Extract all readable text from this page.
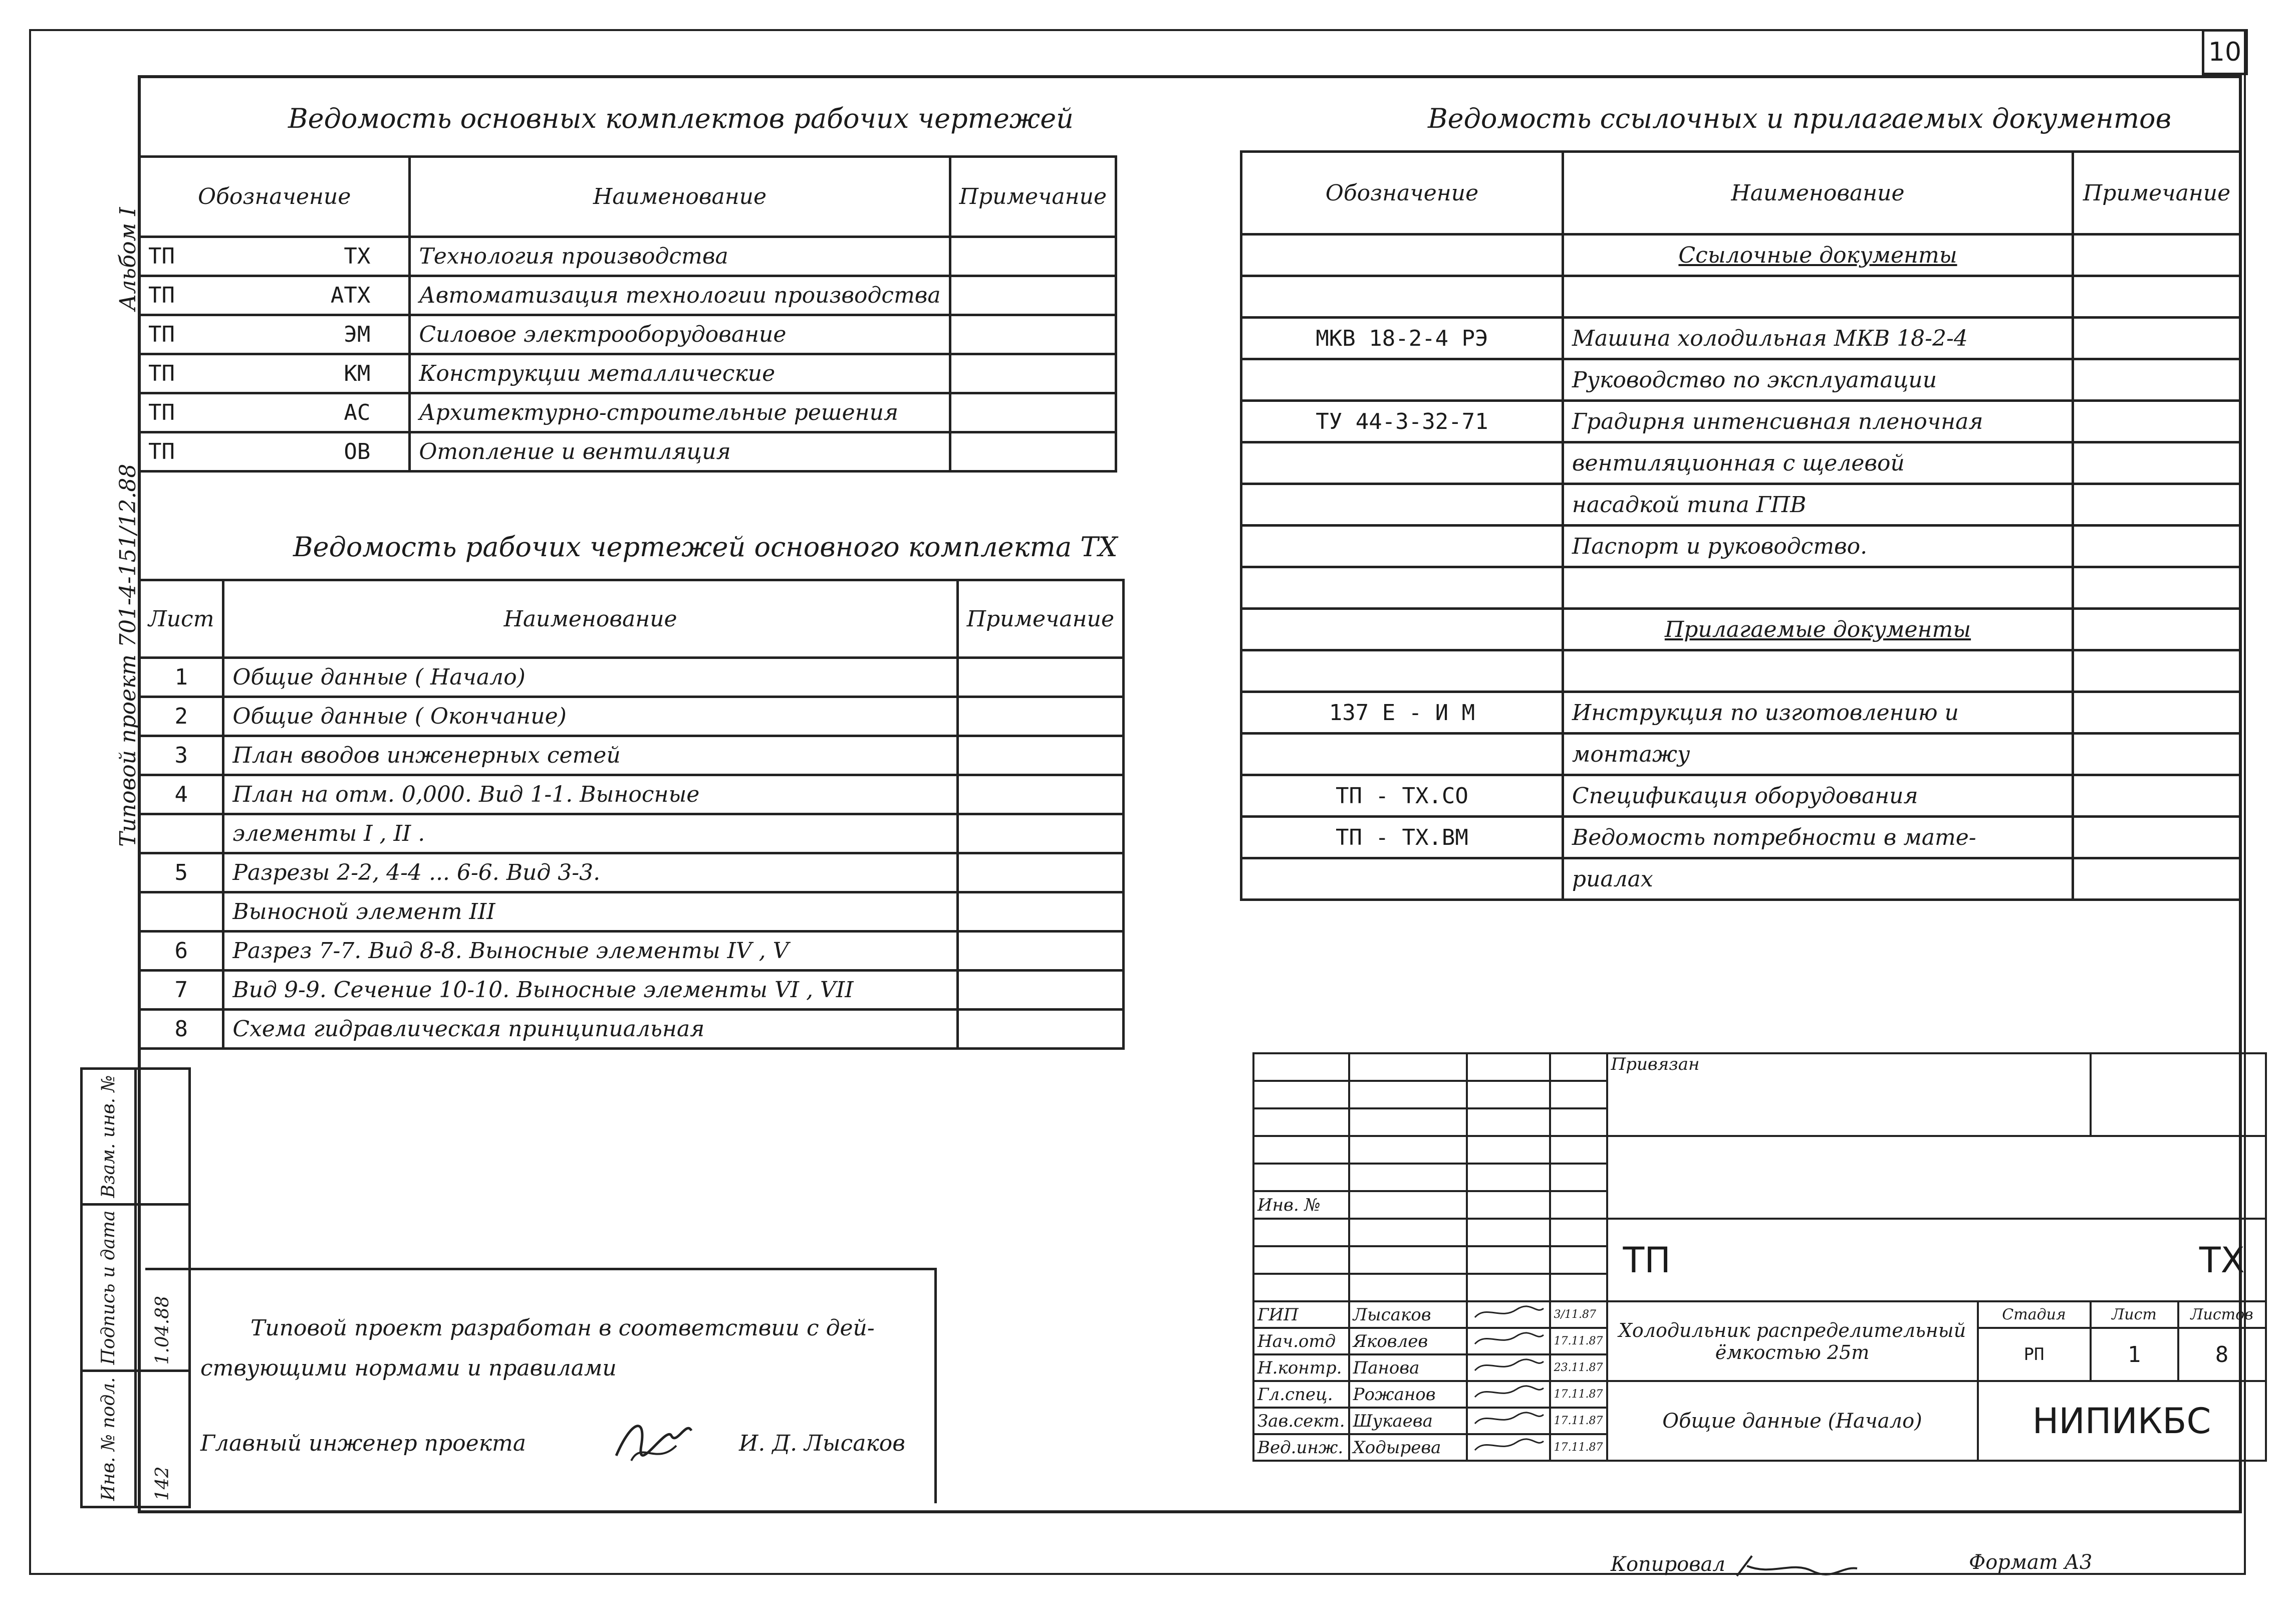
10
Альбом I
Типовой проект 701-4-151/12.88
Инв. № подл.	Подпись и дата	Взам. инв. №
142	1.04.88	
Ведомость основных комплектов рабочих чертежей
Обозначение	Наименование	Примечание
ТП ТХ	Технология производства	
ТП АТХ	Автоматизация технологии производства	
ТП ЭМ	Силовое электрооборудование	
ТП КМ	Конструкции металлические	
ТП АС	Архитектурно-строительные решения	
ТП ОВ	Отопление и вентиляция	
Ведомость рабочих чертежей основного комплекта ТХ
Лист	Наименование	Примечание
1	Общие данные ( Начало)	
2	Общие данные ( Окончание)	
3	План вводов инженерных сетей	
4	План на отм. 0,000. Вид 1-1. Выносные	
	элементы I , II .	
5	Разрезы 2-2, 4-4 ... 6-6. Вид 3-3.	
	Выносной элемент III	
6	Разрез 7-7. Вид 8-8. Выносные элементы IV , V	
7	Вид 9-9. Сечение 10-10. Выносные элементы VI , VII	
8	Схема гидравлическая принципиальная	
Ведомость ссылочных и прилагаемых документов
Обозначение	Наименование	Примечание
	Ссылочные документы	

МКВ 18-2-4 РЭ	Машина холодильная МКВ 18-2-4	
	Руководство по эксплуатации	
ТУ 44-3-32-71	Градирня интенсивная пленочная	
	вентиляционная с щелевой	
	насадкой типа ГПВ	
	Паспорт и руководство.	

	Прилагаемые документы	

137 Е - И М	Инструкция по изготовлению и	
	монтажу	
ТП - ТХ.СО	Спецификация оборудования	
ТП - ТХ.ВМ	Ведомость потребности в мате-	
	риалах	
Типовой проект разработан в соответствии с дей-
ствующими нормами и правилами
Главный инженер проекта	И. Д. Лысаков
				Привязан			

Инв. №							

				ТП ТХ			

ГИП	Лысаков		3/11.87	Холодильник распределительный ёмкостью 25т	Стадия	Лист	Листов
Нач.отд	Яковлев		17.11.87		РП	1	8
Н.контр.	Панова		23.11.87				
Гл.спец.	Рожанов		17.11.87	Общие данные (Начало)	НИПИКБС		
Зав.сект.	Шукаева		17.11.87				
Вед.инж.	Ходырева		17.11.87				
Копировал	Формат А3
